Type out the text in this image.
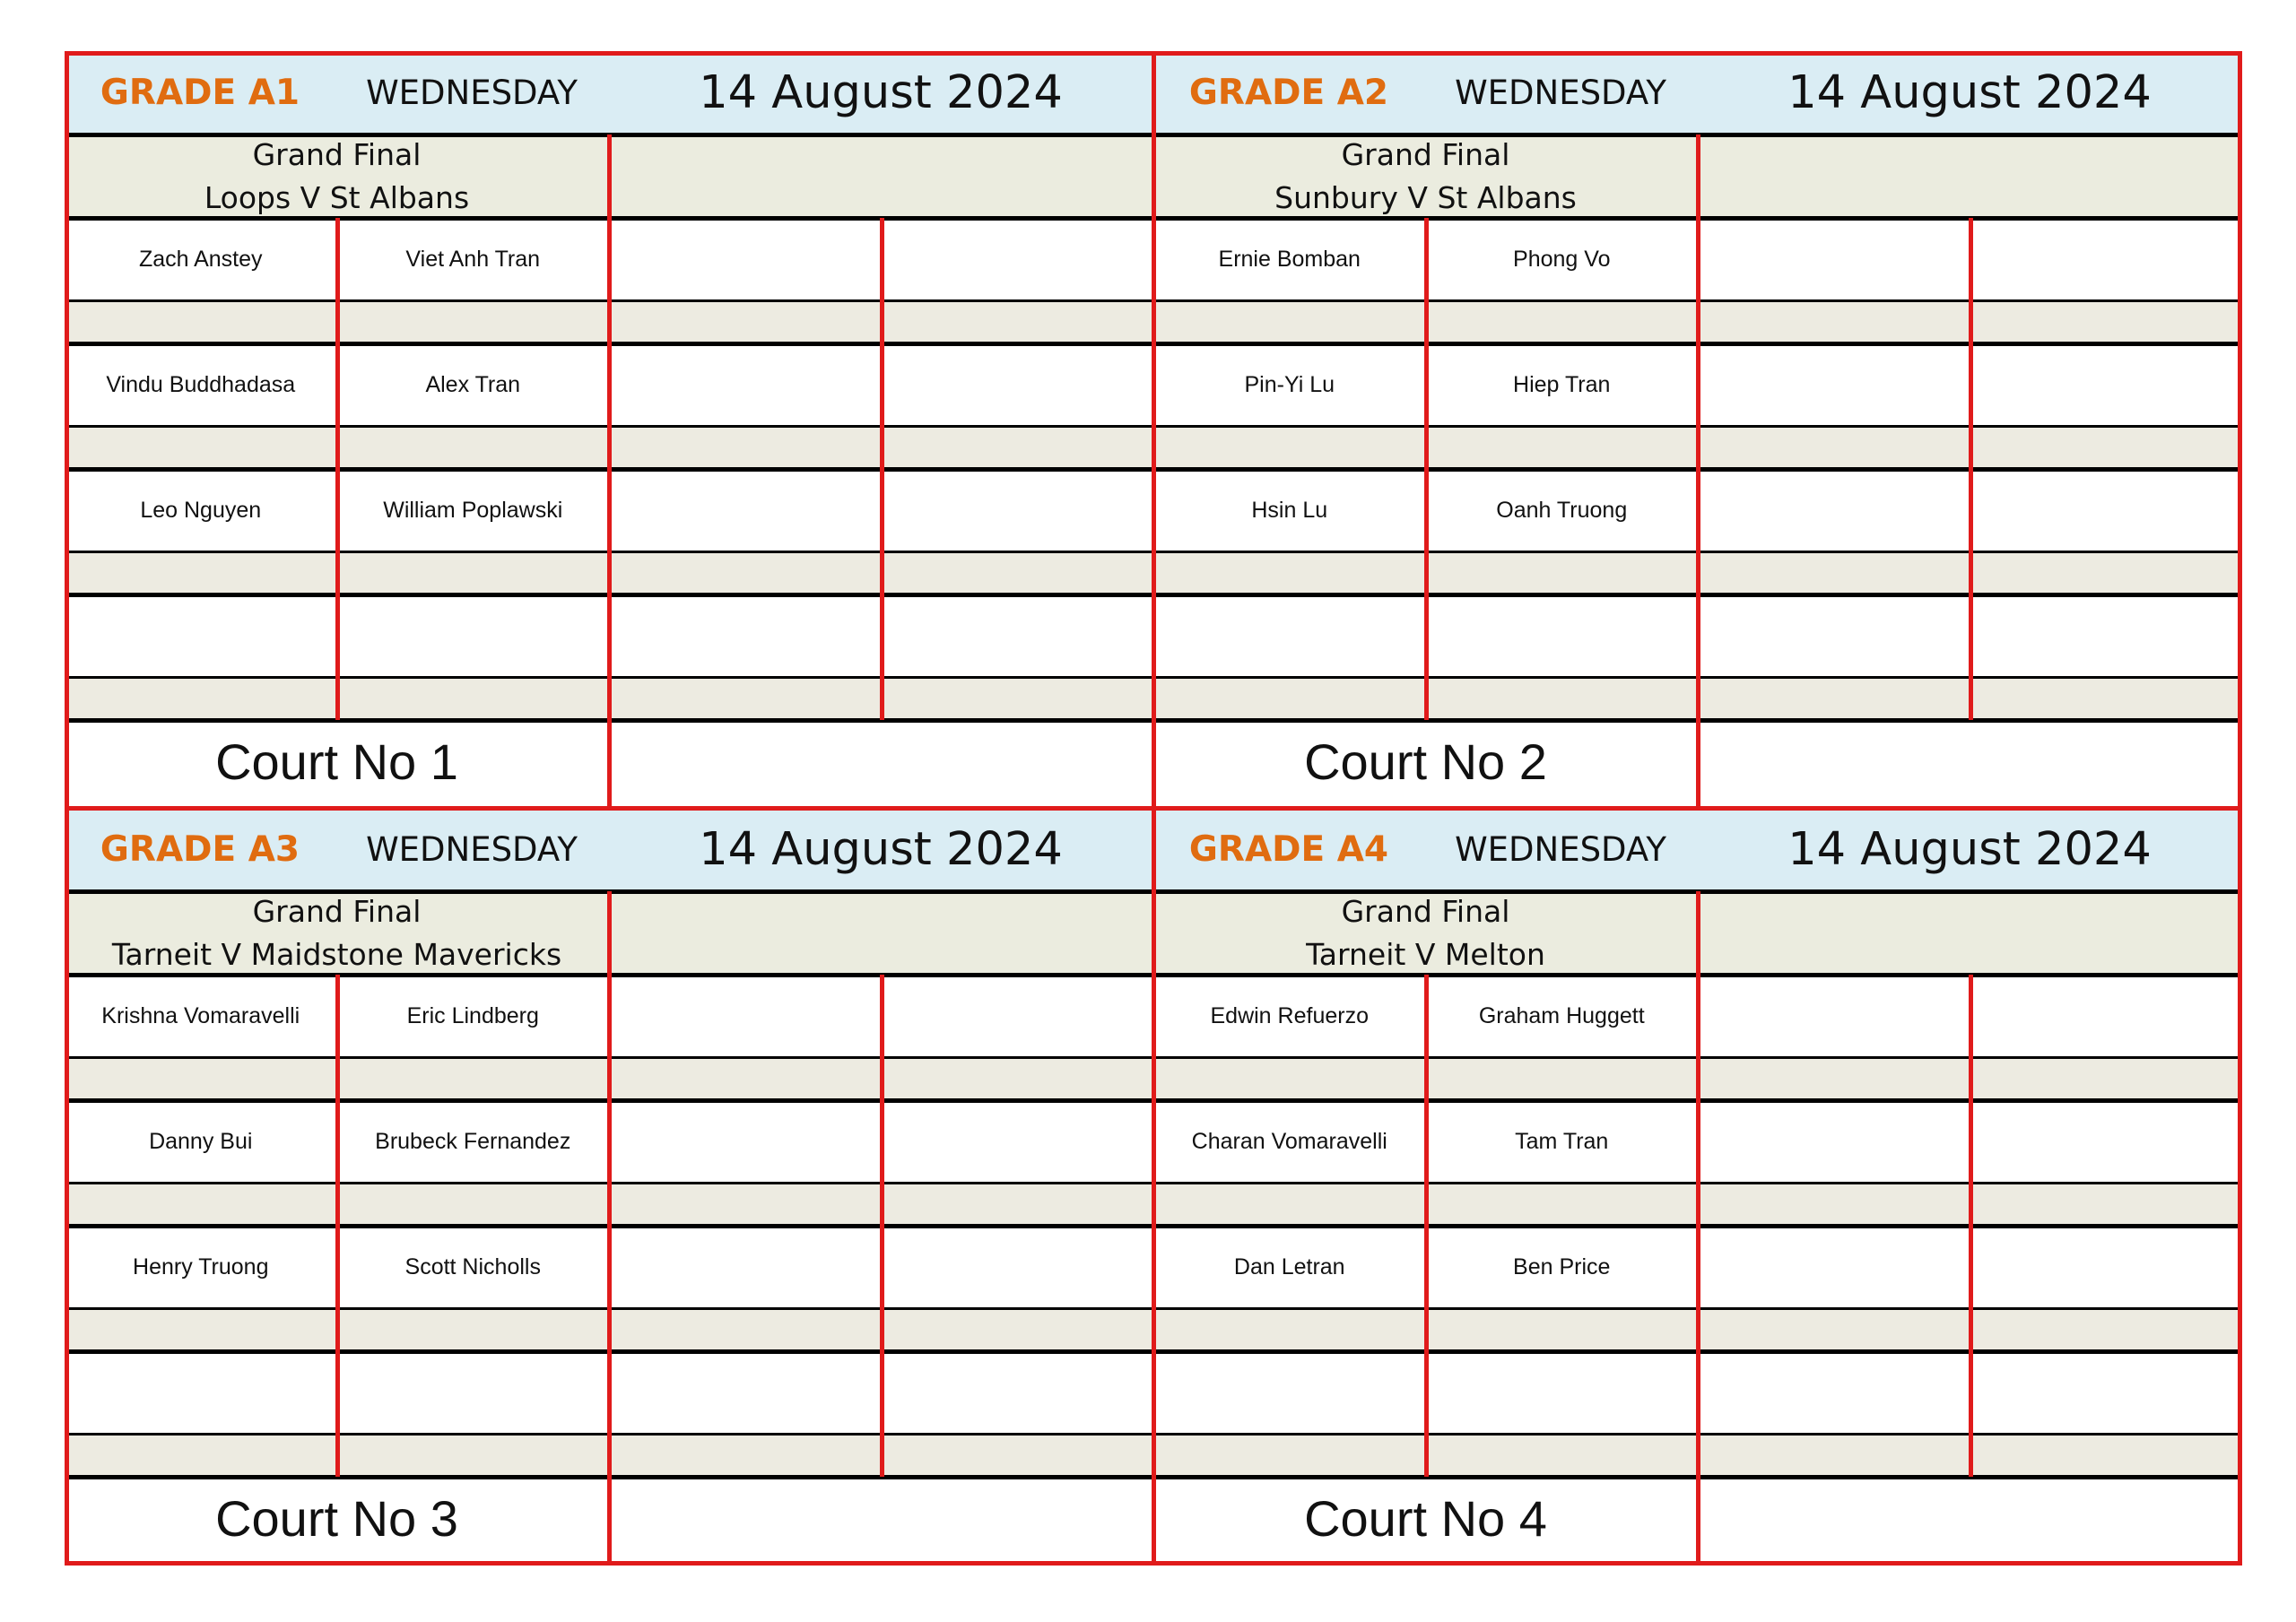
GRADE A1	WEDNESDAY	14 August 2024
Grand Final
Loops V St Albans
Zach Anstey	Viet Anh Tran
Vindu Buddhadasa	Alex Tran
Leo Nguyen	William Poplawski
Court No 1
GRADE A2	WEDNESDAY	14 August 2024
Grand Final
Sunbury V St Albans
Ernie Bomban	Phong Vo
Pin-Yi Lu	Hiep Tran
Hsin Lu	Oanh Truong
Court No 2
GRADE A3	WEDNESDAY	14 August 2024
Grand Final
Tarneit V Maidstone Mavericks
Krishna Vomaravelli	Eric Lindberg
Danny Bui	Brubeck Fernandez
Henry Truong	Scott Nicholls
Court No 3
GRADE A4	WEDNESDAY	14 August 2024
Grand Final
Tarneit V Melton
Edwin Refuerzo	Graham Huggett
Charan Vomaravelli	Tam Tran
Dan Letran	Ben Price
Court No 4
